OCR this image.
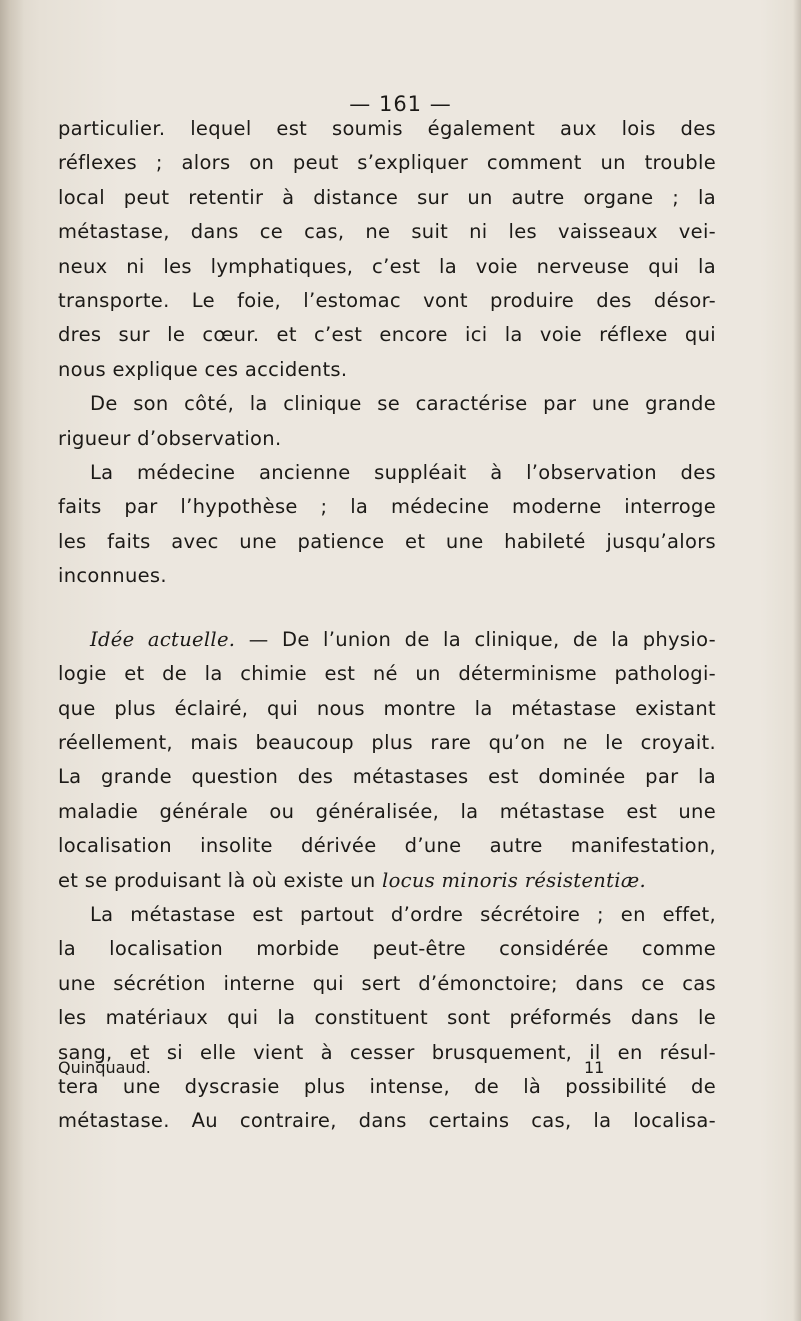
— 161 —

particulier. lequel est soumis également aux lois des
réflexes ; alors on peut s’expliquer comment un trouble
local peut retentir à distance sur un autre organe ; la
métastase, dans ce cas, ne suit ni les vaisseaux vei-
neux ni les lymphatiques, c’est la voie nerveuse qui la
transporte. Le foie, l’estomac vont produire des désor-
dres sur le cœur. et c’est encore ici la voie réflexe qui
nous explique ces accidents.

De son côté, la clinique se caractérise par une grande
rigueur d’observation.

La médecine ancienne suppléait à l’observation des
faits par l’hypothèse ; la médecine moderne interroge
les faits avec une patience et une habileté jusqu’alors
inconnues.

Idée actuelle. — De l’union de la clinique, de la physio-
logie et de la chimie est né un déterminisme pathologi-
que plus éclairé, qui nous montre la métastase existant
réellement, mais beaucoup plus rare qu’on ne le croyait.
La grande question des métastases est dominée par la
maladie générale ou généralisée, la métastase est une
localisation insolite dérivée d’une autre manifestation,
et se produisant là où existe un locus minoris résistentiæ.

La métastase est partout d’ordre sécrétoire ; en effet,
la localisation morbide peut-être considérée comme
une sécrétion interne qui sert d’émonctoire; dans ce cas
les matériaux qui la constituent sont préformés dans le
sang, et si elle vient à cesser brusquement, il en résul-
tera une dyscrasie plus intense, de là possibilité de
métastase. Au contraire, dans certains cas, la localisa-

Quinquaud.	11
